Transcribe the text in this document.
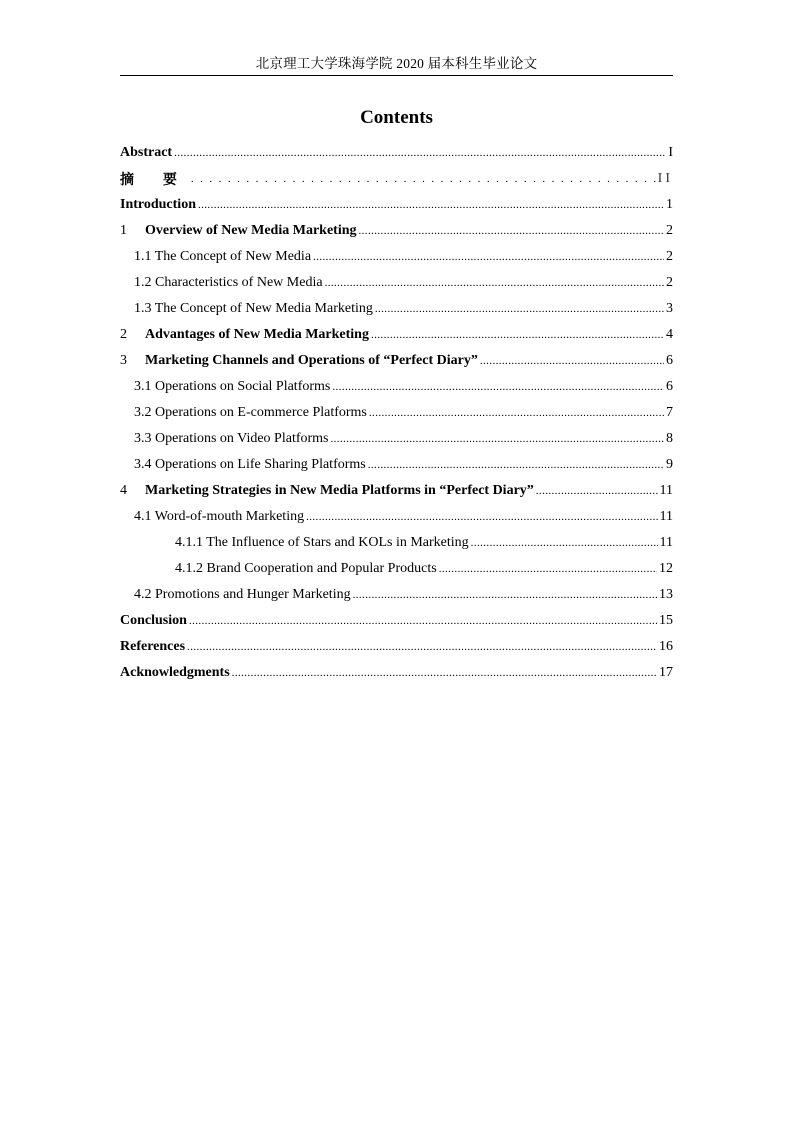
北京理工大学珠海学院 2020 届本科生毕业论文
Contents
Abstract .....	I
摘 要 .....	II
Introduction .....	1
1	Overview of New Media Marketing .....	2
1.1 The Concept of New Media .....	2
1.2 Characteristics of New Media .....	2
1.3 The Concept of New Media Marketing .....	3
2	Advantages of New Media Marketing .....	4
3	Marketing Channels and Operations of “Perfect Diary” .....	6
3.1 Operations on Social Platforms .....	6
3.2 Operations on E-commerce Platforms .....	7
3.3 Operations on Video Platforms .....	8
3.4 Operations on Life Sharing Platforms .....	9
4	Marketing Strategies in New Media Platforms in “Perfect Diary” .....	11
4.1 Word-of-mouth Marketing .....	11
4.1.1 The Influence of Stars and KOLs in Marketing .....	11
4.1.2 Brand Cooperation and Popular Products .....	12
4.2 Promotions and Hunger Marketing .....	13
Conclusion .....	15
References .....	16
Acknowledgments .....	17
